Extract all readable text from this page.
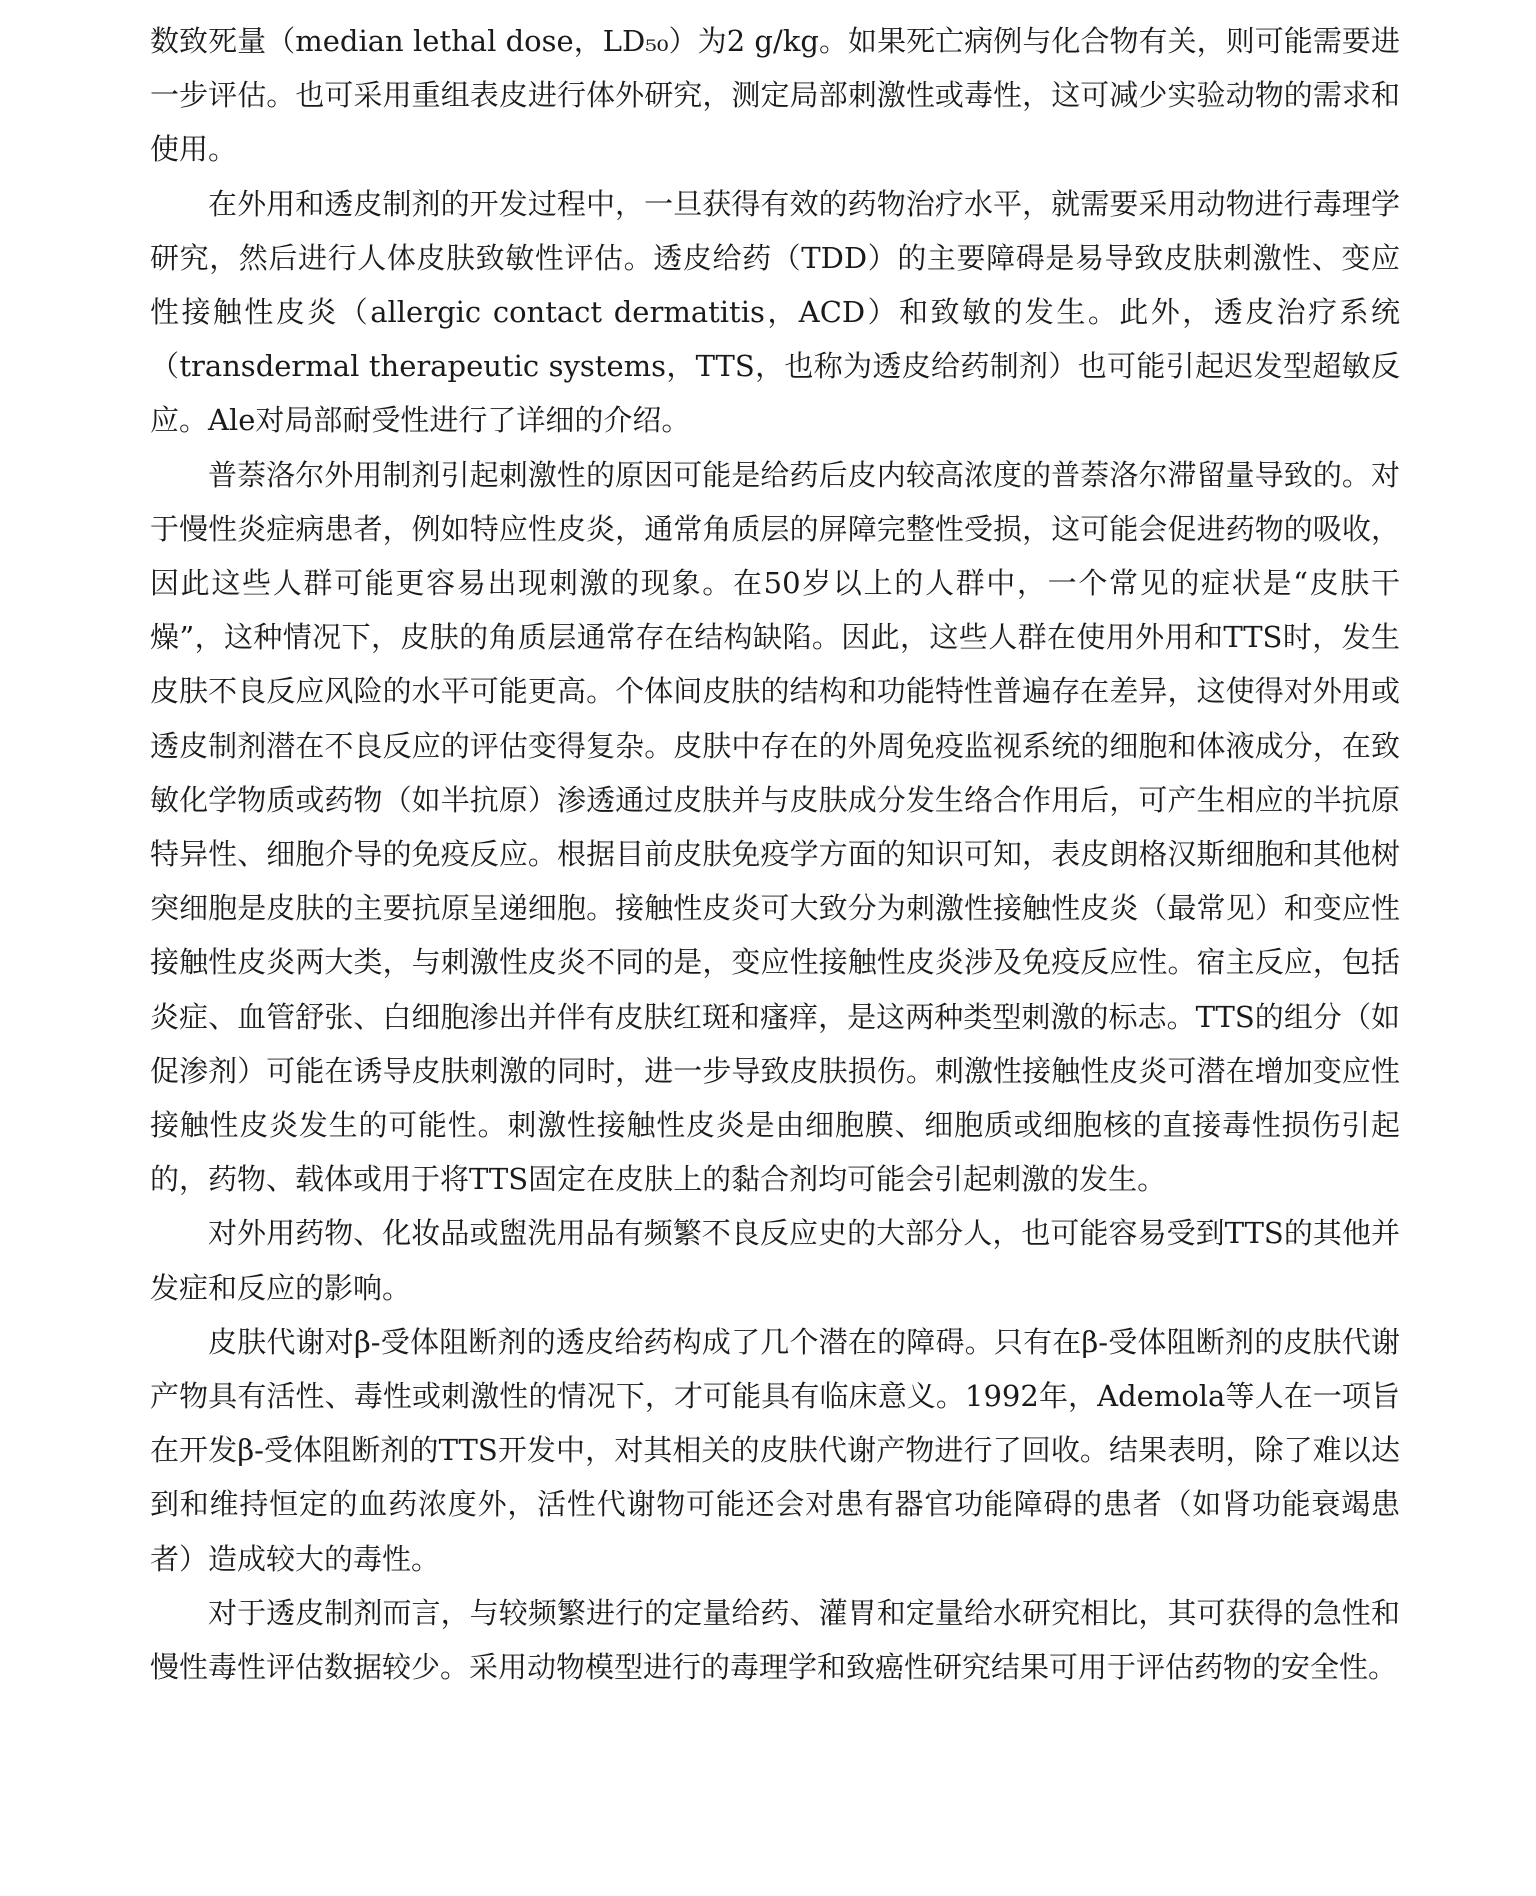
数致死量（median lethal dose，LD₅₀）为2 g/kg。如果死亡病例与化合物有关，则可能需要进一步评估。也可采用重组表皮进行体外研究，测定局部刺激性或毒性，这可减少实验动物的需求和使用。

在外用和透皮制剂的开发过程中，一旦获得有效的药物治疗水平，就需要采用动物进行毒理学研究，然后进行人体皮肤致敏性评估。透皮给药（TDD）的主要障碍是易导致皮肤刺激性、变应性接触性皮炎（allergic contact dermatitis，ACD）和致敏的发生。此外，透皮治疗系统（transdermal therapeutic systems，TTS，也称为透皮给药制剂）也可能引起迟发型超敏反应。Ale对局部耐受性进行了详细的介绍。

普萘洛尔外用制剂引起刺激性的原因可能是给药后皮内较高浓度的普萘洛尔滞留量导致的。对于慢性炎症病患者，例如特应性皮炎，通常角质层的屏障完整性受损，这可能会促进药物的吸收，因此这些人群可能更容易出现刺激的现象。在50岁以上的人群中，一个常见的症状是“皮肤干燥”，这种情况下，皮肤的角质层通常存在结构缺陷。因此，这些人群在使用外用和TTS时，发生皮肤不良反应风险的水平可能更高。个体间皮肤的结构和功能特性普遍存在差异，这使得对外用或透皮制剂潜在不良反应的评估变得复杂。皮肤中存在的外周免疫监视系统的细胞和体液成分，在致敏化学物质或药物（如半抗原）渗透通过皮肤并与皮肤成分发生络合作用后，可产生相应的半抗原特异性、细胞介导的免疫反应。根据目前皮肤免疫学方面的知识可知，表皮朗格汉斯细胞和其他树突细胞是皮肤的主要抗原呈递细胞。接触性皮炎可大致分为刺激性接触性皮炎（最常见）和变应性接触性皮炎两大类，与刺激性皮炎不同的是，变应性接触性皮炎涉及免疫反应性。宿主反应，包括炎症、血管舒张、白细胞渗出并伴有皮肤红斑和瘙痒，是这两种类型刺激的标志。TTS的组分（如促渗剂）可能在诱导皮肤刺激的同时，进一步导致皮肤损伤。刺激性接触性皮炎可潜在增加变应性接触性皮炎发生的可能性。刺激性接触性皮炎是由细胞膜、细胞质或细胞核的直接毒性损伤引起的，药物、载体或用于将TTS固定在皮肤上的黏合剂均可能会引起刺激的发生。

对外用药物、化妆品或盥洗用品有频繁不良反应史的大部分人，也可能容易受到TTS的其他并发症和反应的影响。

皮肤代谢对β-受体阻断剂的透皮给药构成了几个潜在的障碍。只有在β-受体阻断剂的皮肤代谢产物具有活性、毒性或刺激性的情况下，才可能具有临床意义。1992年，Ademola等人在一项旨在开发β-受体阻断剂的TTS开发中，对其相关的皮肤代谢产物进行了回收。结果表明，除了难以达到和维持恒定的血药浓度外，活性代谢物可能还会对患有器官功能障碍的患者（如肾功能衰竭患者）造成较大的毒性。

对于透皮制剂而言，与较频繁进行的定量给药、灌胃和定量给水研究相比，其可获得的急性和慢性毒性评估数据较少。采用动物模型进行的毒理学和致癌性研究结果可用于评估药物的安全性。
